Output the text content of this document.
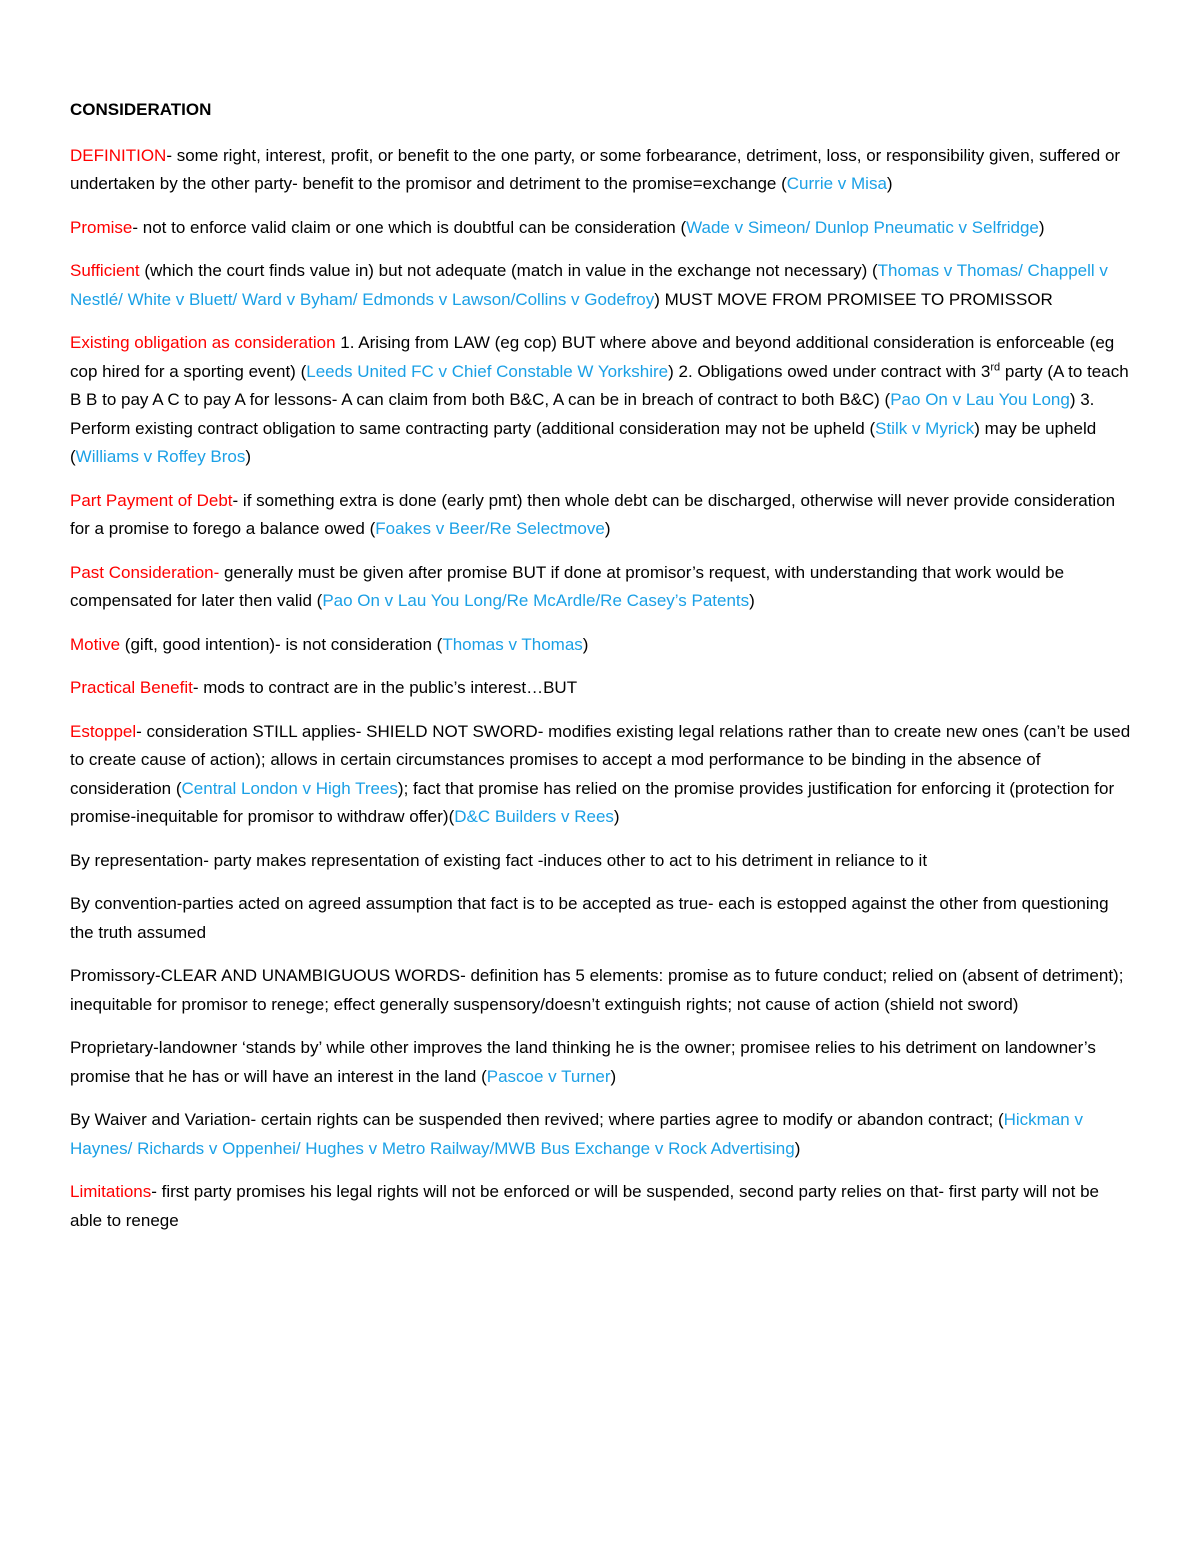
CONSIDERATION

DEFINITION- some right, interest, profit, or benefit to the one party, or some forbearance, detriment, loss, or responsibility given, suffered or undertaken by the other party- benefit to the promisor and detriment to the promise=exchange (Currie v Misa)

Promise- not to enforce valid claim or one which is doubtful can be consideration (Wade v Simeon/ Dunlop Pneumatic v Selfridge)

Sufficient (which the court finds value in) but not adequate (match in value in the exchange not necessary) (Thomas v Thomas/ Chappell v Nestlé/ White v Bluett/ Ward v Byham/ Edmonds v Lawson/Collins v Godefroy) MUST MOVE FROM PROMISEE TO PROMISSOR

Existing obligation as consideration 1. Arising from LAW (eg cop) BUT where above and beyond additional consideration is enforceable (eg cop hired for a sporting event) (Leeds United FC v Chief Constable W Yorkshire) 2. Obligations owed under contract with 3rd party (A to teach B B to pay A C to pay A for lessons- A can claim from both B&C, A can be in breach of contract to both B&C) (Pao On v Lau You Long) 3. Perform existing contract obligation to same contracting party (additional consideration may not be upheld (Stilk v Myrick) may be upheld (Williams v Roffey Bros)

Part Payment of Debt- if something extra is done (early pmt) then whole debt can be discharged, otherwise will never provide consideration for a promise to forego a balance owed (Foakes v Beer/Re Selectmove)

Past Consideration- generally must be given after promise BUT if done at promisor’s request, with understanding that work would be compensated for later then valid (Pao On v Lau You Long/Re McArdle/Re Casey’s Patents)

Motive (gift, good intention)- is not consideration (Thomas v Thomas)

Practical Benefit- mods to contract are in the public’s interest…BUT

Estoppel- consideration STILL applies- SHIELD NOT SWORD- modifies existing legal relations rather than to create new ones (can’t be used to create cause of action); allows in certain circumstances promises to accept a mod performance to be binding in the absence of consideration (Central London v High Trees); fact that promise has relied on the promise provides justification for enforcing it (protection for promise-inequitable for promisor to withdraw offer)(D&C Builders v Rees)

By representation- party makes representation of existing fact -induces other to act to his detriment in reliance to it

By convention-parties acted on agreed assumption that fact is to be accepted as true- each is estopped against the other from questioning the truth assumed

Promissory-CLEAR AND UNAMBIGUOUS WORDS- definition has 5 elements: promise as to future conduct; relied on (absent of detriment); inequitable for promisor to renege; effect generally suspensory/doesn’t extinguish rights; not cause of action (shield not sword)

Proprietary-landowner ‘stands by’ while other improves the land thinking he is the owner; promisee relies to his detriment on landowner’s promise that he has or will have an interest in the land (Pascoe v Turner)

By Waiver and Variation- certain rights can be suspended then revived; where parties agree to modify or abandon contract; (Hickman v Haynes/ Richards v Oppenhei/ Hughes v Metro Railway/MWB Bus Exchange v Rock Advertising)

Limitations- first party promises his legal rights will not be enforced or will be suspended, second party relies on that- first party will not be able to renege
